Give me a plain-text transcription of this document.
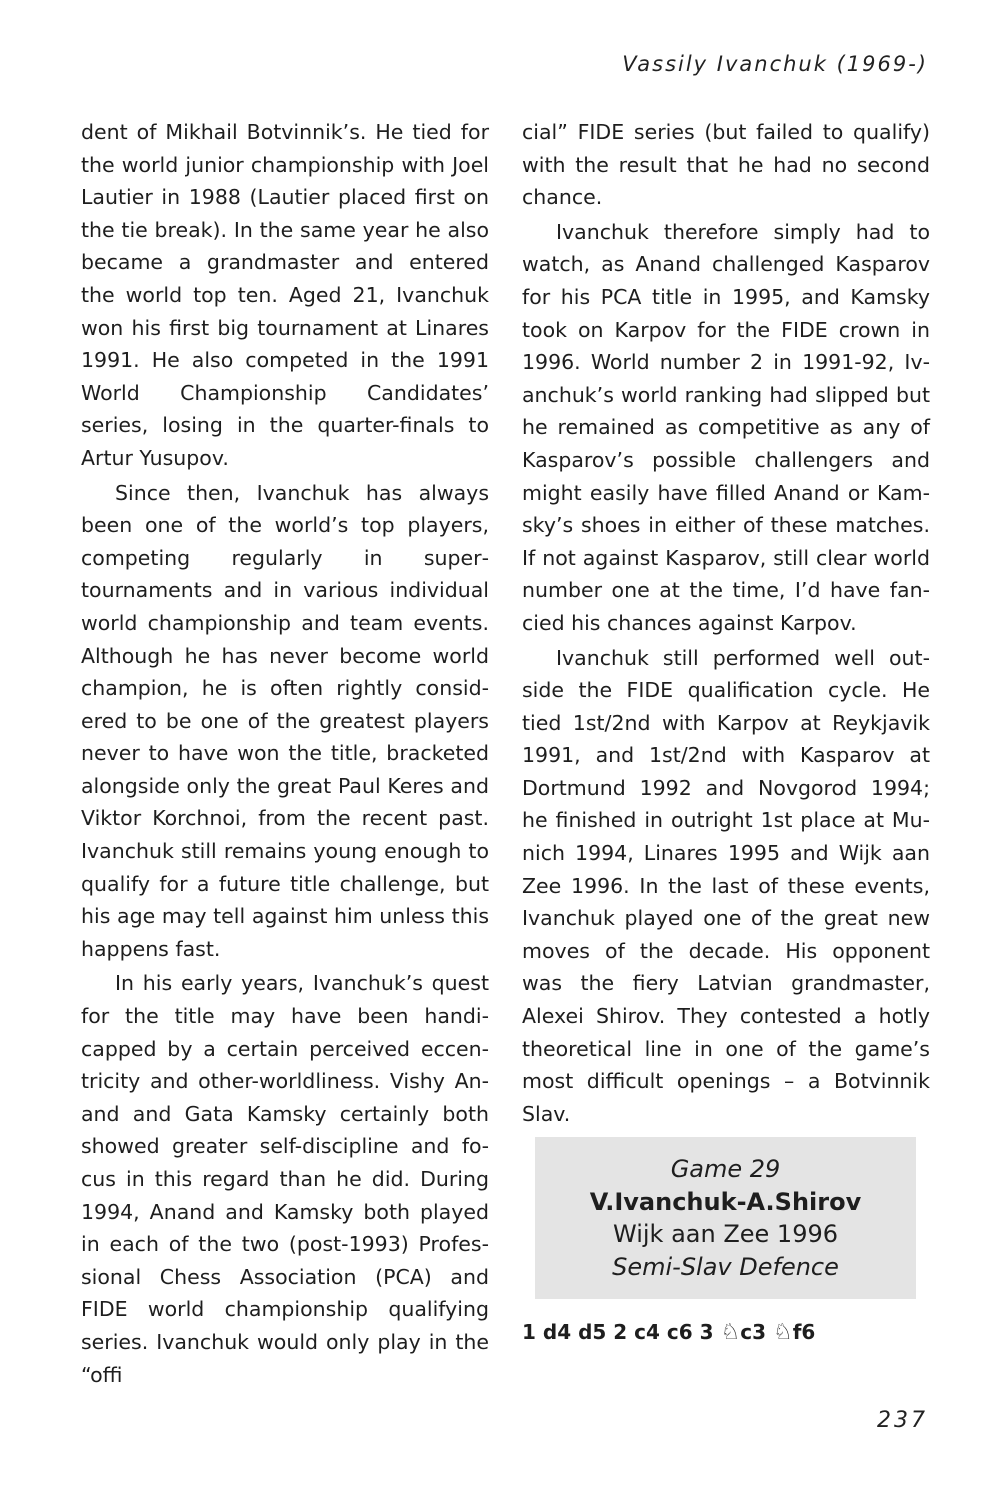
Vassily Ivanchuk (1969-)

dent of Mikhail Botvinnik’s. He tied for the world junior championship with Joel Lautier in 1988 (Lautier placed first on the tie break). In the same year he also became a grandmaster and entered the world top ten. Aged 21, Ivanchuk won his first big tournament at Linares 1991. He also competed in the 1991 World Championship Candidates’ series, losing in the quarter-finals to Artur Yusupov.

Since then, Ivanchuk has always been one of the world’s top players, competing regularly in supertournaments and in various individual world championship and team events. Although he has never become world champion, he is often rightly considered to be one of the greatest players never to have won the title, bracketed alongside only the great Paul Keres and Viktor Korchnoi, from the recent past. Ivanchuk still remains young enough to qualify for a future title challenge, but his age may tell against him unless this happens fast.

In his early years, Ivanchuk’s quest for the title may have been handicapped by a certain perceived eccentricity and other-worldliness. Vishy Anand and Gata Kamsky certainly both showed greater self-discipline and focus in this regard than he did. During 1994, Anand and Kamsky both played in each of the two (post-1993) Professional Chess Association (PCA) and FIDE world championship qualifying series. Ivanchuk would only play in the “offi

cial” FIDE series (but failed to qualify) with the result that he had no second chance.

Ivanchuk therefore simply had to watch, as Anand challenged Kasparov for his PCA title in 1995, and Kamsky took on Karpov for the FIDE crown in 1996. World number 2 in 1991-92, Ivanchuk’s world ranking had slipped but he remained as competitive as any of Kasparov’s possible challengers and might easily have filled Anand or Kamsky’s shoes in either of these matches. If not against Kasparov, still clear world number one at the time, I’d have fancied his chances against Karpov.

Ivanchuk still performed well outside the FIDE qualification cycle. He tied 1st/2nd with Karpov at Reykjavik 1991, and 1st/2nd with Kasparov at Dortmund 1992 and Novgorod 1994; he finished in outright 1st place at Munich 1994, Linares 1995 and Wijk aan Zee 1996. In the last of these events, Ivanchuk played one of the great new moves of the decade. His opponent was the fiery Latvian grandmaster, Alexei Shirov. They contested a hotly theoretical line in one of the game’s most difficult openings – a Botvinnik Slav.

Game 29
V.Ivanchuk-A.Shirov
Wijk aan Zee 1996
Semi-Slav Defence
1 d4 d5 2 c4 c6 3 ♘c3 ♘f6
237
